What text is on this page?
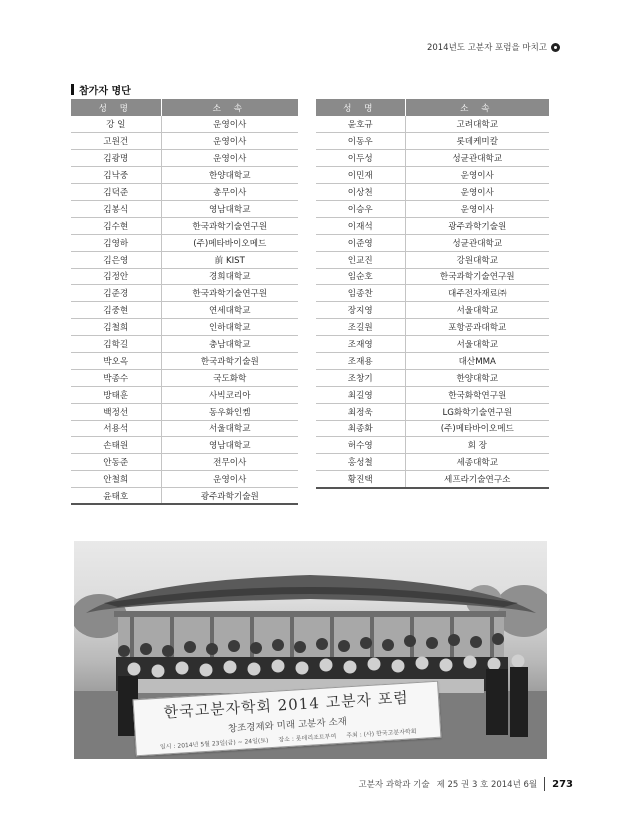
2014년도 고분자 포럼을 마치고
참가자 명단
성 명	소 속
강 일	운영이사
고원건	운영이사
김광명	운영이사
김낙중	한양대학교
김덕준	총무이사
김봉식	영남대학교
김수현	한국과학기술연구원
김영하	(주)메타바이오메드
김은영	前 KIST
김정안	경희대학교
김준경	한국과학기술연구원
김중현	연세대학교
김철희	인하대학교
김학길	충남대학교
박오옥	한국과학기술원
박종수	국도화학
방태훈	사빅코리아
백정선	동우화인켐
서용석	서울대학교
손태원	영남대학교
안동준	전무이사
안철희	운영이사
윤태호	광주과학기술원
성 명	소 속
윤호규	고려대학교
이동우	롯데케미칼
이두성	성균관대학교
이민재	운영이사
이상천	운영이사
이승우	운영이사
이재석	광주과학기술원
이준영	성균관대학교
인교진	강원대학교
임순호	한국과학기술연구원
임종찬	대주전자재료㈜
장지영	서울대학교
조길원	포항공과대학교
조재영	서울대학교
조재용	대산MMA
조창기	한양대학교
최길영	한국화학연구원
최정욱	LG화학기술연구원
최종화	(주)메타바이오메드
허수영	회 장
홍성철	세종대학교
황진택	세프라기술연구소
한국고분자학회 2014 고분자 포럼
창조경제와 미래 고분자 소재
일시 : 2014년 5월 23일(금) ~ 24일(토) 장소 : 롯데리조트부여 주최 : (사) 한국고분자학회
고분자 과학과 기술 제 25 권 3 호 2014년 6월 273
